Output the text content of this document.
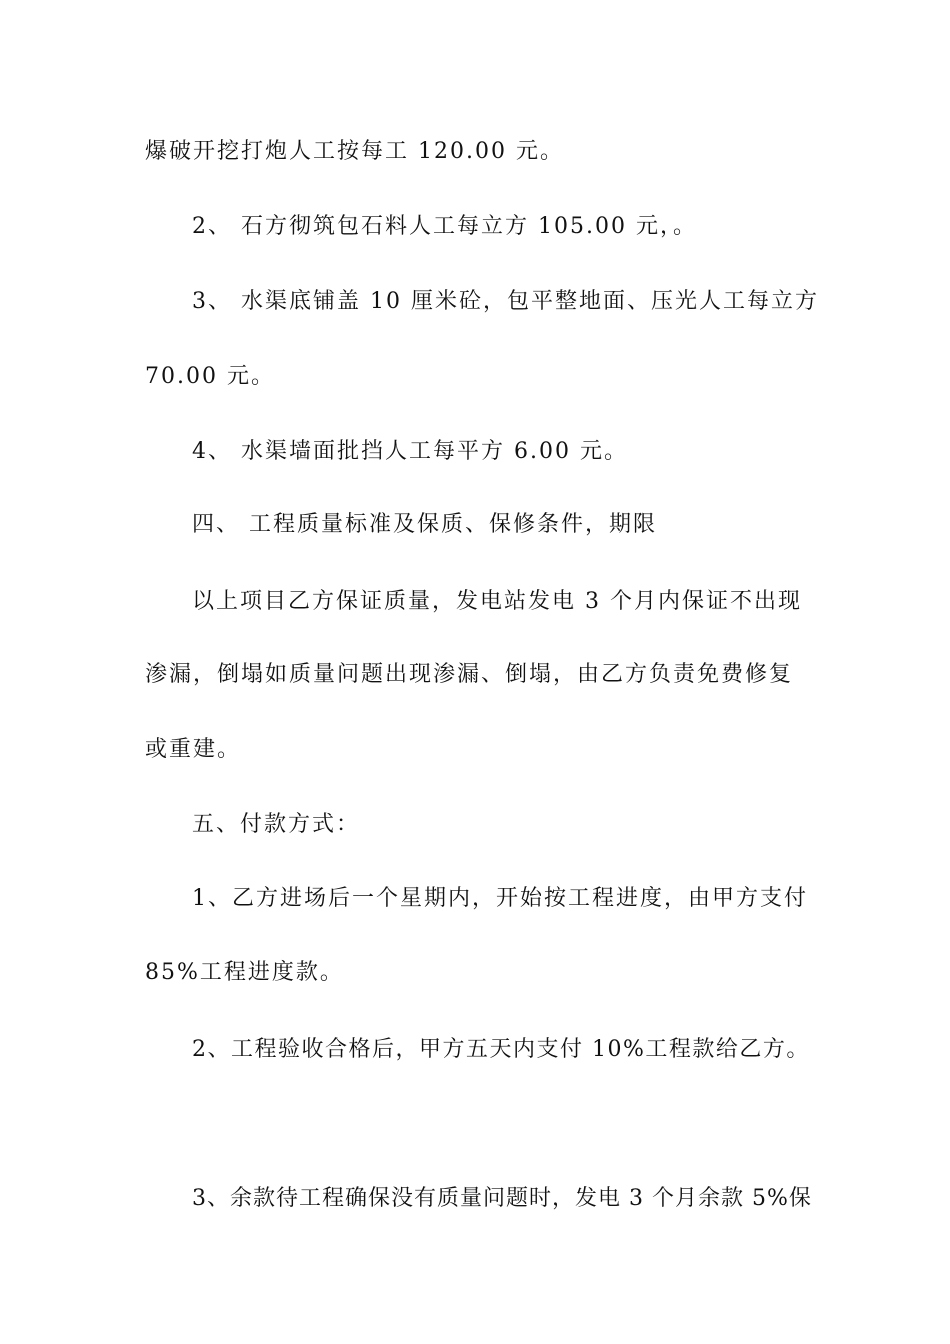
爆破开挖打炮人工按每工 120.00 元。
2、 石方彻筑包石料人工每立方 105.00 元，。
3、 水渠底铺盖 10 厘米砼，包平整地面、压光人工每立方
70.00 元。
4、 水渠墙面批挡人工每平方 6.00 元。
四、 工程质量标准及保质、保修条件，期限
以上项目乙方保证质量，发电站发电 3 个月内保证不出现
渗漏，倒塌如质量问题出现渗漏、倒塌，由乙方负责免费修复
或重建。
五、付款方式：
1、乙方进场后一个星期内，开始按工程进度，由甲方支付
85%工程进度款。
2、工程验收合格后，甲方五天内支付 10%工程款给乙方。
3、余款待工程确保没有质量问题时，发电 3 个月余款 5%保
